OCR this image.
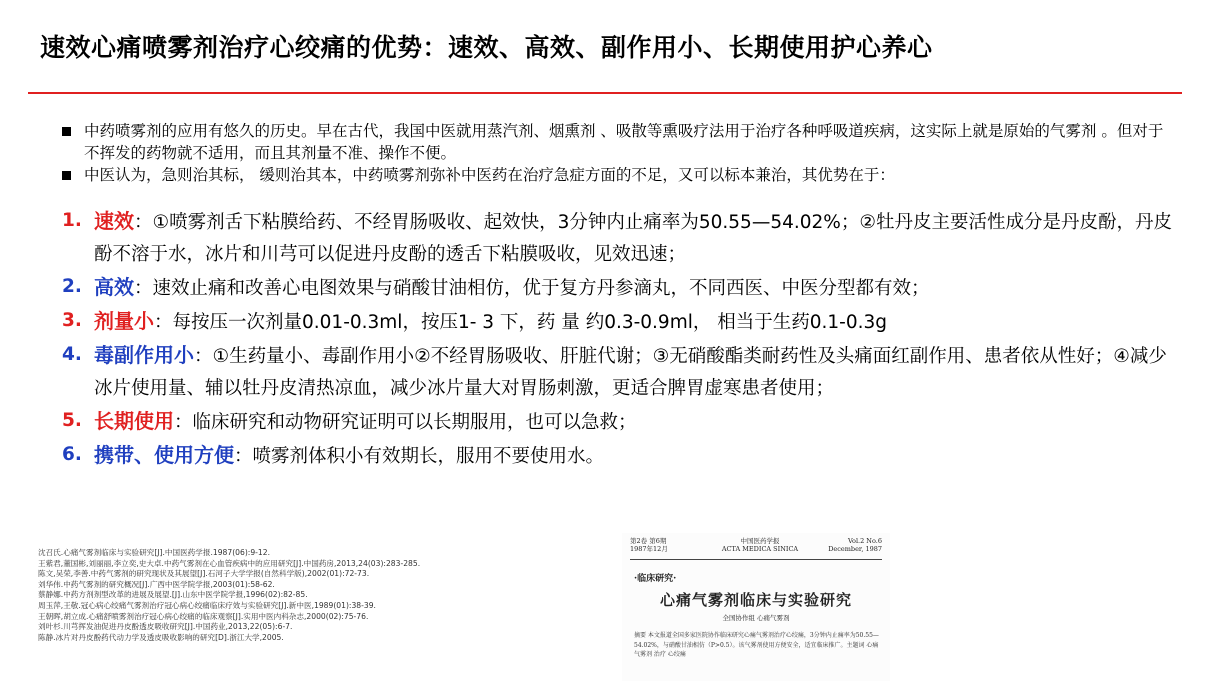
速效心痛喷雾剂治疗心绞痛的优势：速效、高效、副作用小、长期使用护心养心
中药喷雾剂的应用有悠久的历史。早在古代，我国中医就用蒸汽剂、烟熏剂 、吸散等熏吸疗法用于治疗各种呼吸道疾病，这实际上就是原始的气雾剂 。但对于不挥发的药物就不适用，而且其剂量不准、操作不便。
中医认为，急则治其标， 缓则治其本，中药喷雾剂弥补中医药在治疗急症方面的不足，又可以标本兼治，其优势在于：
1. 速效：①喷雾剂舌下粘膜给药、不经胃肠吸收、起效快，3分钟内止痛率为50.55—54.02%；②牡丹皮主要活性成分是丹皮酚，丹皮酚不溶于水，冰片和川芎可以促进丹皮酚的透舌下粘膜吸收，见效迅速；
2. 高效：速效止痛和改善心电图效果与硝酸甘油相仿，优于复方丹参滴丸，不同西医、中医分型都有效；
3. 剂量小：每按压一次剂量0.01-0.3ml，按压1- 3 下，药 量 约0.3-0.9ml， 相当于生药0.1-0.3g
4. 毒副作用小：①生药量小、毒副作用小②不经胃肠吸收、肝脏代谢；③无硝酸酯类耐药性及头痛面红副作用、患者依从性好；④减少冰片使用量、辅以牡丹皮清热凉血，减少冰片量大对胃肠刺激，更适合脾胃虚寒患者使用；
5. 长期使用：临床研究和动物研究证明可以长期服用，也可以急救；
6. 携带、使用方便：喷雾剂体积小有效期长，服用不要使用水。
沈召氏.心痛气雾剂临床与实验研究[J].中国医药学报.1987(06):9-12.
王紫君,董国彬,刘丽丽,李立奕,史大卓.中药气雾剂在心血管疾病中的应用研究[J].中国药房,2013,24(03):283-285.
陈文,吴荣,李善.中药气雾剂的研究现状及其展望[J].石河子大学学报(自然科学版),2002(01):72-73.
刘华伟.中药气雾剂的研究概况[J].广西中医学院学报,2003(01):58-62.
蔡静娜.中药方剂剂型改革的进展及展望.[J].山东中医学院学报,1996(02):82-85.
周玉萍,王敬.冠心病心绞痛气雾剂治疗冠心病心绞痛临床疗效与实验研究[J].新中医,1989(01):38-39.
王朝晖,胡立成.心痛舒喷雾剂治疗冠心病心绞痛的临床观察[J].实用中医内科杂志,2000(02):75-76.
刘叶杉.川芎挥发油促进丹皮酚透皮吸收研究[J].中国药业,2013,22(05):6-7.
陈静.冰片对丹皮酚药代动力学及透皮吸收影响的研究[D].浙江大学,2005.
第2卷 第6期
1987年12月
中国医药学报
ACTA MEDICA SINICA
Vol.2 No.6
December, 1987
·临床研究·
心痛气雾剂临床与实验研究
全国协作组 心痛气雾剂
摘要 本文报道全国多家医院协作临床研究心痛气雾剂治疗心绞痛，3分钟内止痛率为50.55—54.02%，与硝酸甘油相仿（P>0.5）。该气雾剂使用方便安全，适宜临床推广。主题词 心痛气雾剂 治疗 心绞痛
